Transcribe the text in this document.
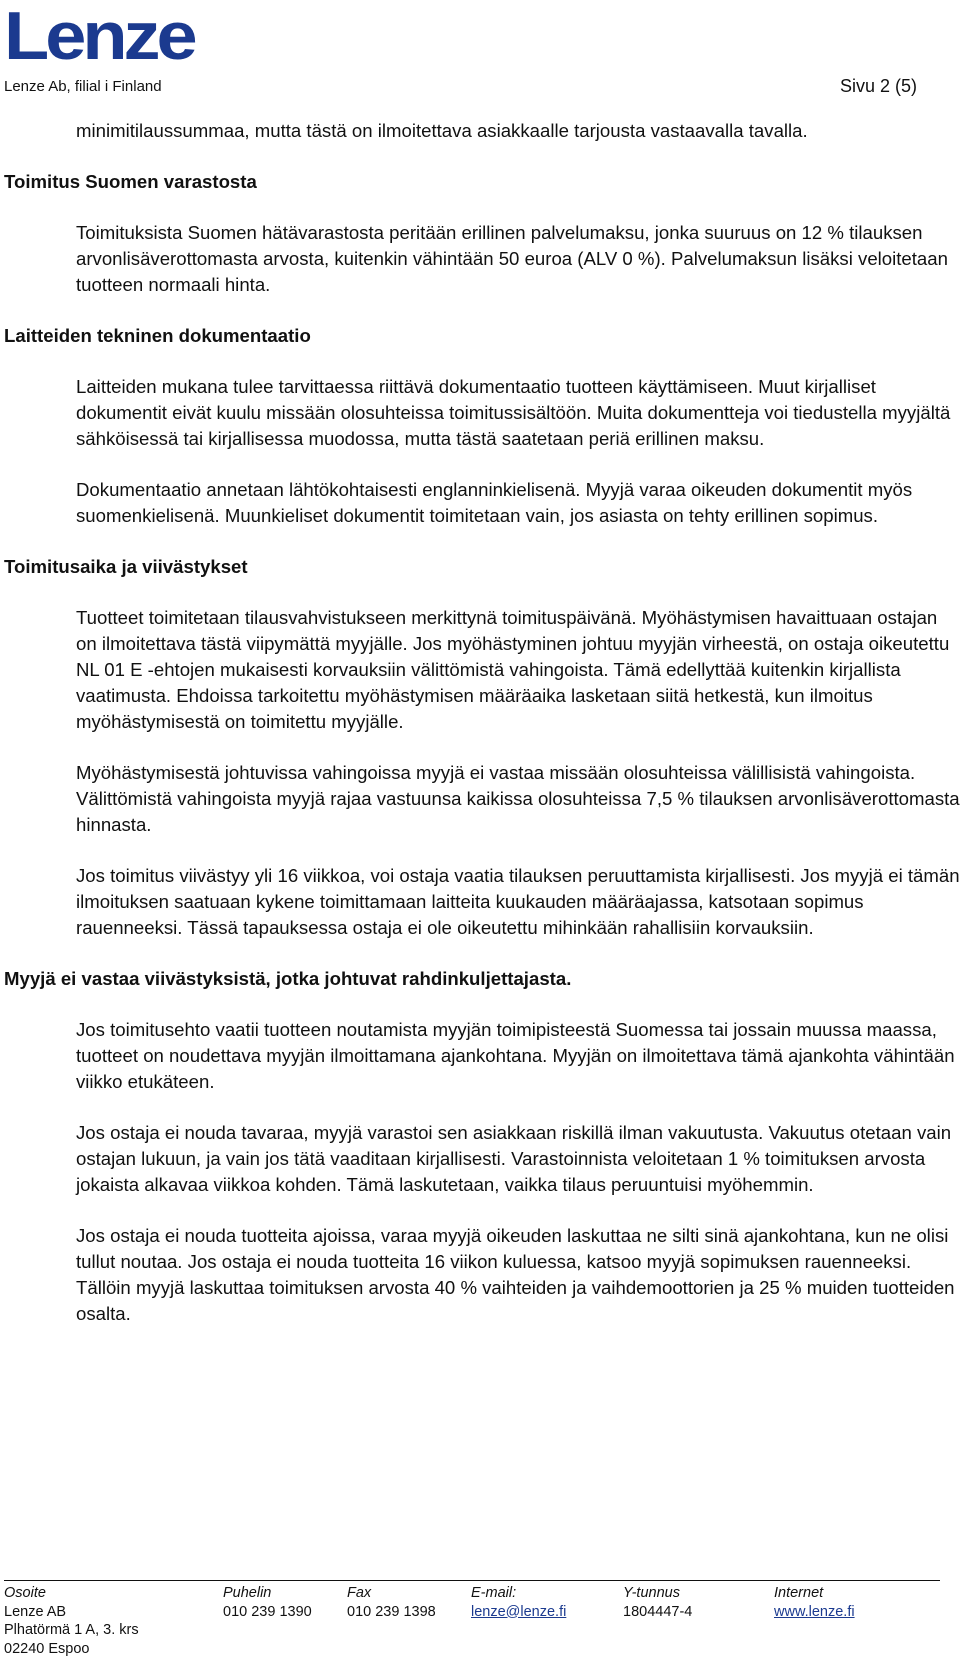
Lenze
Lenze Ab, filial i Finland	Sivu 2 (5)

minimitilaussummaa, mutta tästä on ilmoitettava asiakkaalle tarjousta vastaavalla tavalla.

Toimitus Suomen varastosta

Toimituksista Suomen hätävarastosta peritään erillinen palvelumaksu, jonka suuruus on 12 % tilauksen arvonlisäverottomasta arvosta, kuitenkin vähintään 50 euroa (ALV 0 %). Palvelumaksun lisäksi veloitetaan tuotteen normaali hinta.

Laitteiden tekninen dokumentaatio

Laitteiden mukana tulee tarvittaessa riittävä dokumentaatio tuotteen käyttämiseen. Muut kirjalliset dokumentit eivät kuulu missään olosuhteissa toimitussisältöön. Muita dokumentteja voi tiedustella myyjältä sähköisessä tai kirjallisessa muodossa, mutta tästä saatetaan periä erillinen maksu.

Dokumentaatio annetaan lähtökohtaisesti englanninkielisenä. Myyjä varaa oikeuden dokumentit myös suomenkielisenä. Muunkieliset dokumentit toimitetaan vain, jos asiasta on tehty erillinen sopimus.

Toimitusaika ja viivästykset

Tuotteet toimitetaan tilausvahvistukseen merkittynä toimituspäivänä. Myöhästymisen havaittuaan ostajan on ilmoitettava tästä viipymättä myyjälle. Jos myöhästyminen johtuu myyjän virheestä, on ostaja oikeutettu NL 01 E -ehtojen mukaisesti korvauksiin välittömistä vahingoista. Tämä edellyttää kuitenkin kirjallista vaatimusta. Ehdoissa tarkoitettu myöhästymisen määräaika lasketaan siitä hetkestä, kun ilmoitus myöhästymisestä on toimitettu myyjälle.

Myöhästymisestä johtuvissa vahingoissa myyjä ei vastaa missään olosuhteissa välillisistä vahingoista. Välittömistä vahingoista myyjä rajaa vastuunsa kaikissa olosuhteissa 7,5 % tilauksen arvonlisäverottomasta hinnasta.

Jos toimitus viivästyy yli 16 viikkoa, voi ostaja vaatia tilauksen peruuttamista kirjallisesti. Jos myyjä ei tämän ilmoituksen saatuaan kykene toimittamaan laitteita kuukauden määräajassa, katsotaan sopimus rauenneeksi. Tässä tapauksessa ostaja ei ole oikeutettu mihinkään rahallisiin korvauksiin.

Myyjä ei vastaa viivästyksistä, jotka johtuvat rahdinkuljettajasta.

Jos toimitusehto vaatii tuotteen noutamista myyjän toimipisteestä Suomessa tai jossain muussa maassa, tuotteet on noudettava myyjän ilmoittamana ajankohtana. Myyjän on ilmoitettava tämä ajankohta vähintään viikko etukäteen.

Jos ostaja ei nouda tavaraa, myyjä varastoi sen asiakkaan riskillä ilman vakuutusta. Vakuutus otetaan vain ostajan lukuun, ja vain jos tätä vaaditaan kirjallisesti. Varastoinnista veloitetaan 1 % toimituksen arvosta jokaista alkavaa viikkoa kohden. Tämä laskutetaan, vaikka tilaus peruuntuisi myöhemmin.

Jos ostaja ei nouda tuotteita ajoissa, varaa myyjä oikeuden laskuttaa ne silti sinä ajankohtana, kun ne olisi tullut noutaa. Jos ostaja ei nouda tuotteita 16 viikon kuluessa, katsoo myyjä sopimuksen rauenneeksi. Tällöin myyjä laskuttaa toimituksen arvosta 40 % vaihteiden ja vaihdemoottorien ja 25 % muiden tuotteiden osalta.

Osoite
Lenze AB
Plhatörmä 1 A, 3. krs
02240 Espoo
Puhelin
010 239 1390
Fax
010 239 1398
E-mail:
lenze@lenze.fi
Y-tunnus
1804447-4
Internet
www.lenze.fi
